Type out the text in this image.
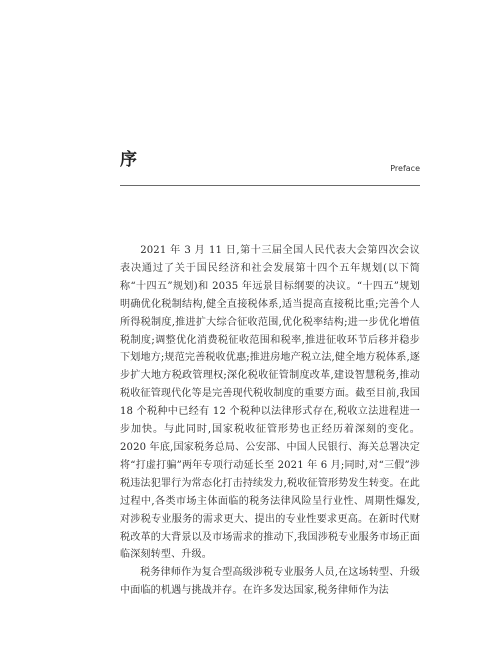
序	Preface

2021 年 3 月 11 日,第十三届全国人民代表大会第四次会议表决通过了关于国民经济和社会发展第十四个五年规划(以下简称“十四五”规划)和 2035 年远景目标纲要的决议。“十四五”规划明确优化税制结构,健全直接税体系,适当提高直接税比重;完善个人所得税制度,推进扩大综合征收范围,优化税率结构;进一步优化增值税制度;调整优化消费税征收范围和税率,推进征收环节后移并稳步下划地方;规范完善税收优惠;推进房地产税立法,健全地方税体系,逐步扩大地方税政管理权;深化税收征管制度改革,建设智慧税务,推动税收征管现代化等是完善现代税收制度的重要方面。截至目前,我国 18 个税种中已经有 12 个税种以法律形式存在,税收立法进程进一步加快。与此同时,国家税收征管形势也正经历着深刻的变化。2020 年底,国家税务总局、公安部、中国人民银行、海关总署决定将“打虚打骗”两年专项行动延长至 2021 年 6 月;同时,对“三假”涉税违法犯罪行为常态化打击持续发力,税收征管形势发生转变。在此过程中,各类市场主体面临的税务法律风险呈行业性、周期性爆发,对涉税专业服务的需求更大、提出的专业性要求更高。在新时代财税改革的大背景以及市场需求的推动下,我国涉税专业服务市场正面临深刻转型、升级。

税务律师作为复合型高级涉税专业服务人员,在这场转型、升级中面临的机遇与挑战并存。在许多发达国家,税务律师作为法
